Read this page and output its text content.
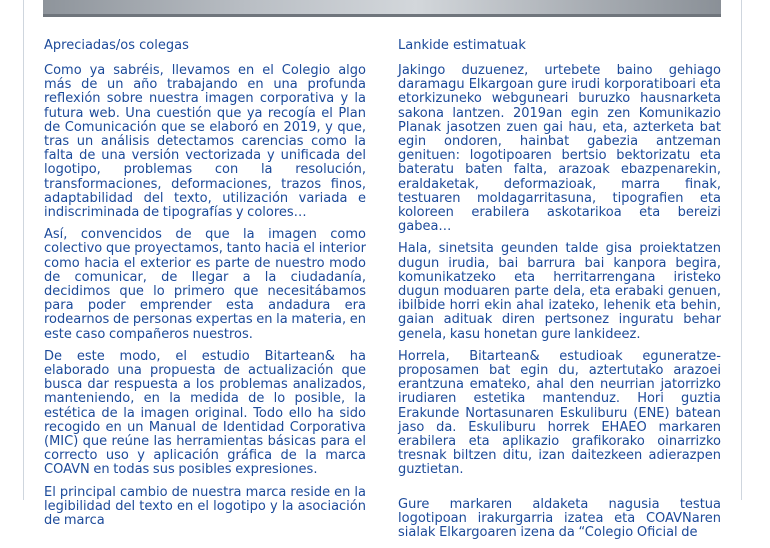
Apreciadas/os colegas

Como ya sabréis, llevamos en el Colegio algo más de un año trabajando en una profunda reflexión sobre nuestra imagen corporativa y la futura web. Una cuestión que ya recogía el Plan de Comunicación que se elaboró en 2019, y que, tras un análisis detectamos carencias como la falta de una versión vectorizada y unificada del logotipo, problemas con la resolución, transformaciones, deformaciones, trazos finos, adaptabilidad del texto, utilización variada e indiscriminada de tipografías y colores…

Así, convencidos de que la imagen como colectivo que proyectamos, tanto hacia el interior como hacia el exterior es parte de nuestro modo de comunicar, de llegar a la ciudadanía, decidimos que lo primero que necesitábamos para poder emprender esta andadura era rodearnos de personas expertas en la materia, en este caso compañeros nuestros.

De este modo, el estudio Bitartean& ha elaborado una propuesta de actualización que busca dar respuesta a los problemas analizados, manteniendo, en la medida de lo posible, la estética de la imagen original. Todo ello ha sido recogido en un Manual de Identidad Corporativa (MIC) que reúne las herramientas básicas para el correcto uso y aplicación gráfica de la marca COAVN en todas sus posibles expresiones.

El principal cambio de nuestra marca reside en la legibilidad del texto en el logotipo y la asociación de marca

Lankide estimatuak

Jakingo duzuenez, urtebete baino gehiago daramagu Elkargoan gure irudi korporatiboari eta etorkizuneko webguneari buruzko hausnarketa sakona lantzen. 2019an egin zen Komunikazio Planak jasotzen zuen gai hau, eta, azterketa bat egin ondoren, hainbat gabezia antzeman genituen: logotipoaren bertsio bektorizatu eta bateratu baten falta, arazoak ebazpenarekin, eraldaketak, deformazioak, marra finak, testuaren moldagarritasuna, tipografien eta koloreen erabilera askotarikoa eta bereizi gabea…

Hala, sinetsita geunden talde gisa proiektatzen dugun irudia, bai barrura bai kanpora begira, komunikatzeko eta herritarrengana iristeko dugun moduaren parte dela, eta erabaki genuen, ibilbide horri ekin ahal izateko, lehenik eta behin, gaian adituak diren pertsonez inguratu behar genela, kasu honetan gure lankideez.

Horrela, Bitartean& estudioak eguneratze-proposamen bat egin du, aztertutako arazoei erantzuna emateko, ahal den neurrian jatorrizko irudiaren estetika mantenduz. Hori guztia Erakunde Nortasunaren Eskuliburu (ENE) batean jaso da. Eskuliburu horrek EHAEO markaren erabilera eta aplikazio grafikorako oinarrizko tresnak biltzen ditu, izan daitezkeen adierazpen guztietan.

Gure markaren aldaketa nagusia testua logotipoan irakurgarria izatea eta COAVNaren sialak Elkargoaren izena da “Colegio Oficial de
